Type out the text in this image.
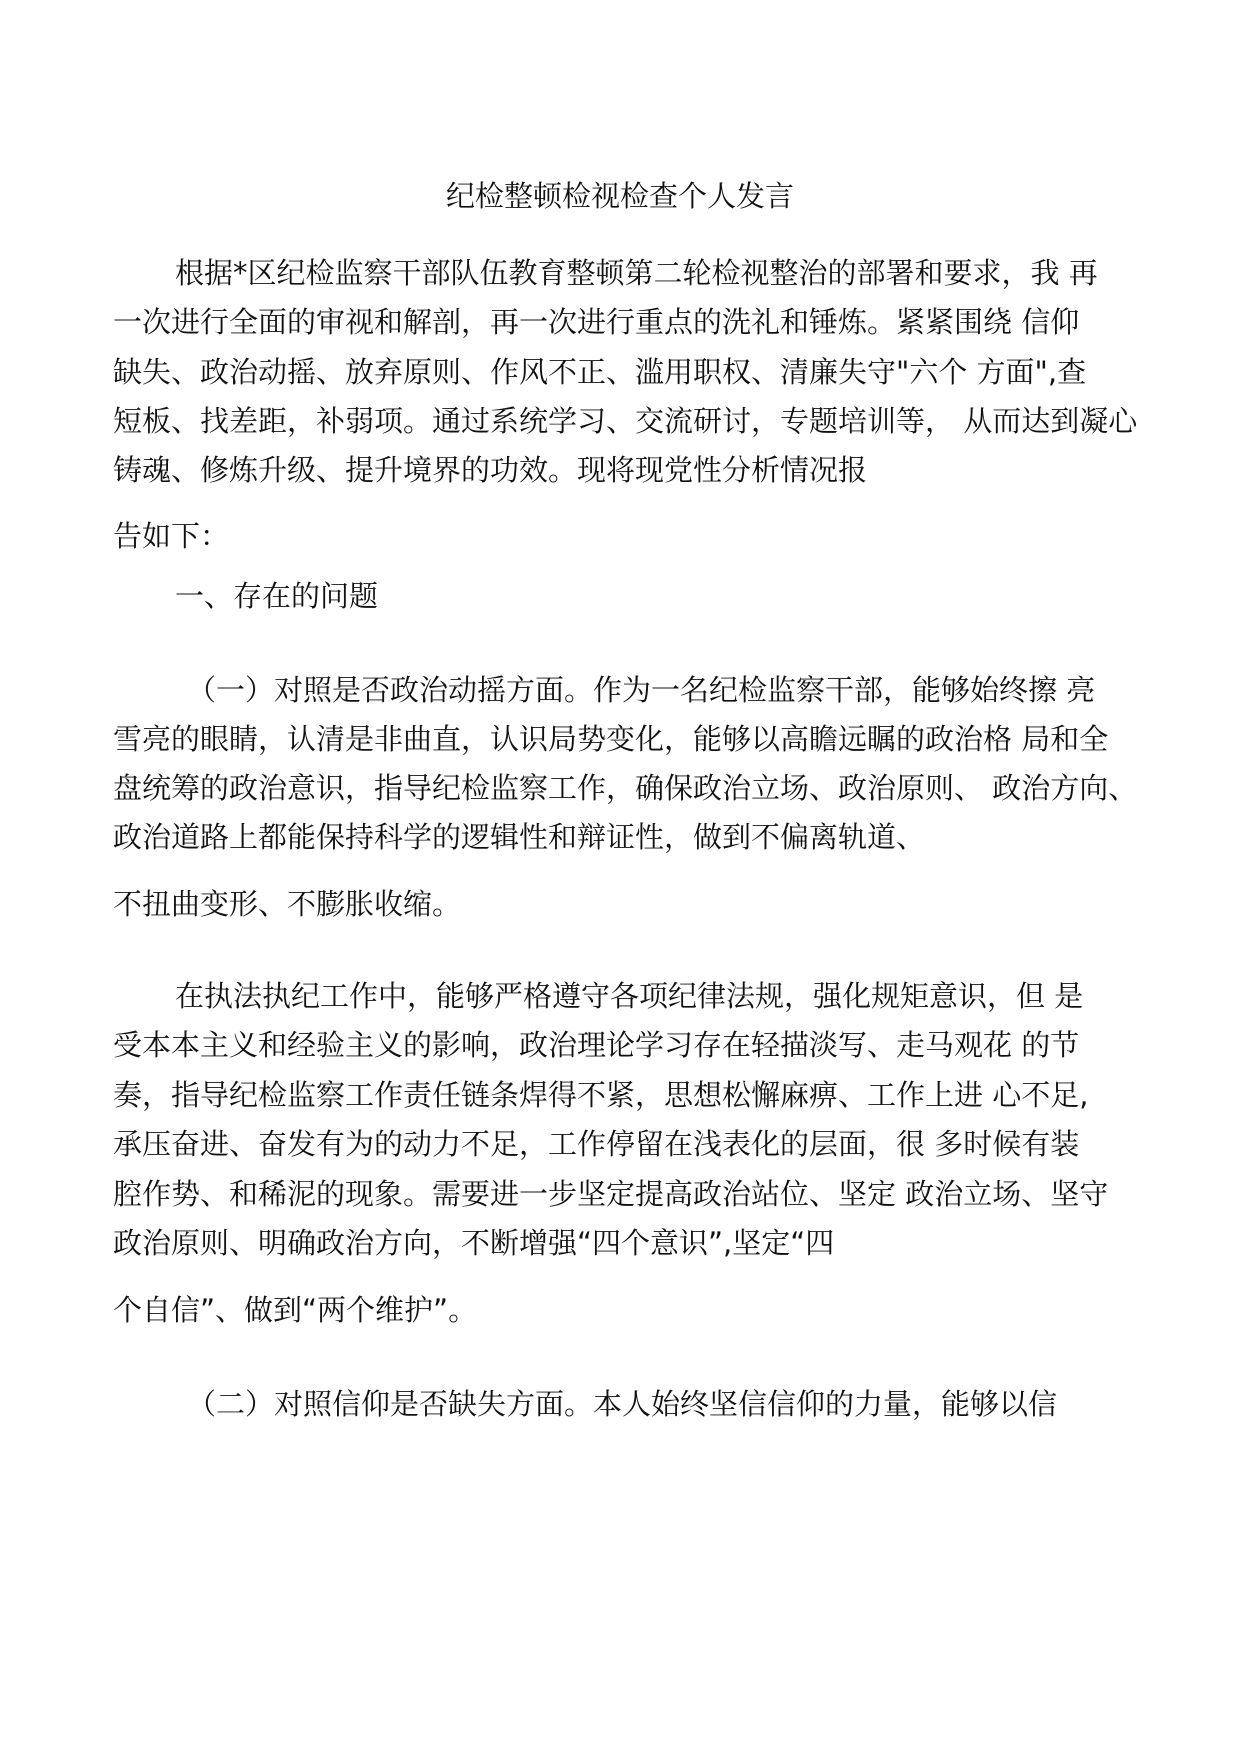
纪检整顿检视检查个人发言
根据*区纪检监察干部队伍教育整顿第二轮检视整治的部署和要求，我 再
一次进行全面的审视和解剖，再一次进行重点的洗礼和锤炼。紧紧围绕 信仰
缺失、政治动摇、放弃原则、作风不正、滥用职权、清廉失守"六个 方面",查
短板、找差距，补弱项。通过系统学习、交流研讨，专题培训等， 从而达到凝心
铸魂、修炼升级、提升境界的功效。现将现党性分析情况报
告如下：
一、存在的问题
（一）对照是否政治动摇方面。作为一名纪检监察干部，能够始终擦 亮
雪亮的眼睛，认清是非曲直，认识局势变化，能够以高瞻远瞩的政治格 局和全
盘统筹的政治意识，指导纪检监察工作，确保政治立场、政治原则、 政治方向、
政治道路上都能保持科学的逻辑性和辩证性，做到不偏离轨道、
不扭曲变形、不膨胀收缩。
在执法执纪工作中，能够严格遵守各项纪律法规，强化规矩意识，但 是
受本本主义和经验主义的影响，政治理论学习存在轻描淡写、走马观花 的节
奏，指导纪检监察工作责任链条焊得不紧，思想松懈麻痹、工作上进 心不足,
承压奋进、奋发有为的动力不足，工作停留在浅表化的层面，很 多时候有装
腔作势、和稀泥的现象。需要进一步坚定提高政治站位、坚定 政治立场、坚守
政治原则、明确政治方向，不断增强“四个意识”,坚定“四
个自信”、做到“两个维护”。
（二）对照信仰是否缺失方面。本人始终坚信信仰的力量，能够以信
